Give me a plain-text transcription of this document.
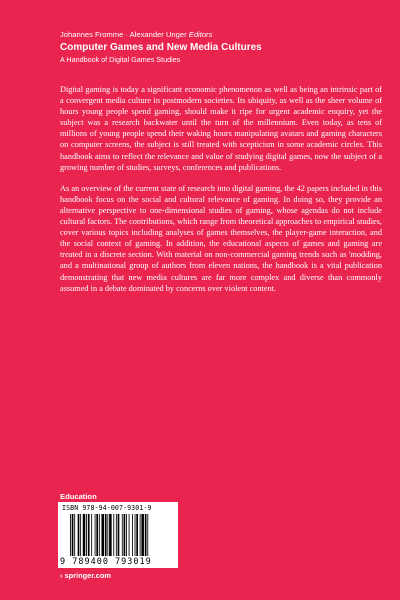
Johannes Fromme · Alexander Unger Editors
Computer Games and New Media Cultures
A Handbook of Digital Games Studies

Digital gaming is today a significant economic phenomenon as well as being an intrinsic part of a convergent media culture in postmodern societies. Its ubiquity, as well as the sheer volume of hours young people spend gaming, should make it ripe for urgent academic enquiry, yet the subject was a research backwater until the turn of the millennium. Even today, as tens of millions of young people spend their waking hours manipulating avatars and gaming characters on computer screens, the subject is still treated with scepticism in some academic circles. This handbook aims to reflect the relevance and value of studying digital games, now the subject of a growing number of studies, surveys, conferences and publications.

As an overview of the current state of research into digital gaming, the 42 papers included in this handbook focus on the social and cultural relevance of gaming. In doing so, they provide an alternative perspective to one-dimensional studies of gaming, whose agendas do not include cultural factors. The contributions, which range from theoretical approaches to empirical studies, cover various topics including analyses of games themselves, the player-game interaction, and the social context of gaming. In addition, the educational aspects of games and gaming are treated in a discrete section. With material on non-commercial gaming trends such as 'modding, and a multinational group of authors from eleven nations, the handbook is a vital publication demonstrating that new media cultures are far more complex and diverse than commonly assumed in a debate dominated by concerns over violent content.

Education
ISBN 978-94-007-9301-9
9 789400 793019
› springer.com
